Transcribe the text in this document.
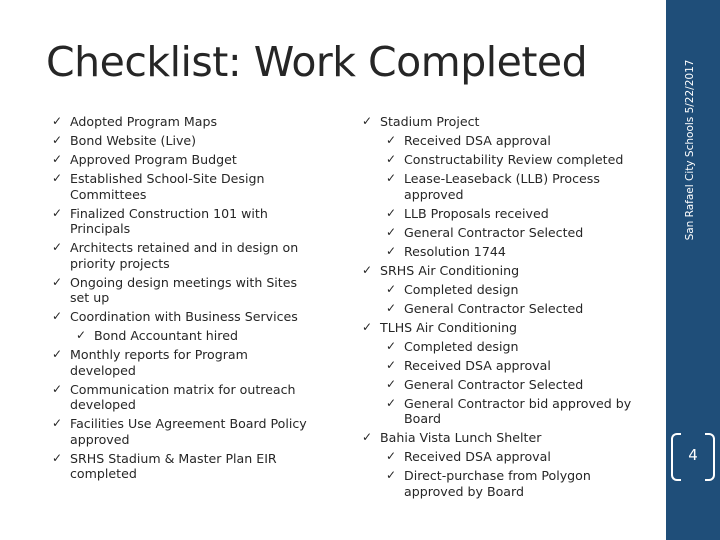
Checklist: Work Completed
✓ Adopted Program Maps
✓ Bond Website (Live)
✓ Approved Program Budget
✓ Established School-Site Design Committees
✓ Finalized Construction 101 with Principals
✓ Architects retained and in design on priority projects
✓ Ongoing design meetings with Sites set up
✓ Coordination with Business Services
✓ Bond Accountant hired
✓ Monthly reports for Program developed
✓ Communication matrix for outreach developed
✓ Facilities Use Agreement Board Policy approved
✓ SRHS Stadium & Master Plan EIR completed
✓ Stadium Project
✓ Received DSA approval
✓ Constructability Review completed
✓ Lease-Leaseback (LLB) Process approved
✓ LLB Proposals received
✓ General Contractor Selected
✓ Resolution 1744
✓ SRHS Air Conditioning
✓ Completed design
✓ General Contractor Selected
✓ TLHS Air Conditioning
✓ Completed design
✓ Received DSA approval
✓ General Contractor Selected
✓ General Contractor bid approved by Board
✓ Bahia Vista Lunch Shelter
✓ Received DSA approval
✓ Direct-purchase from Polygon approved by Board
San Rafael City Schools 5/22/2017
4
